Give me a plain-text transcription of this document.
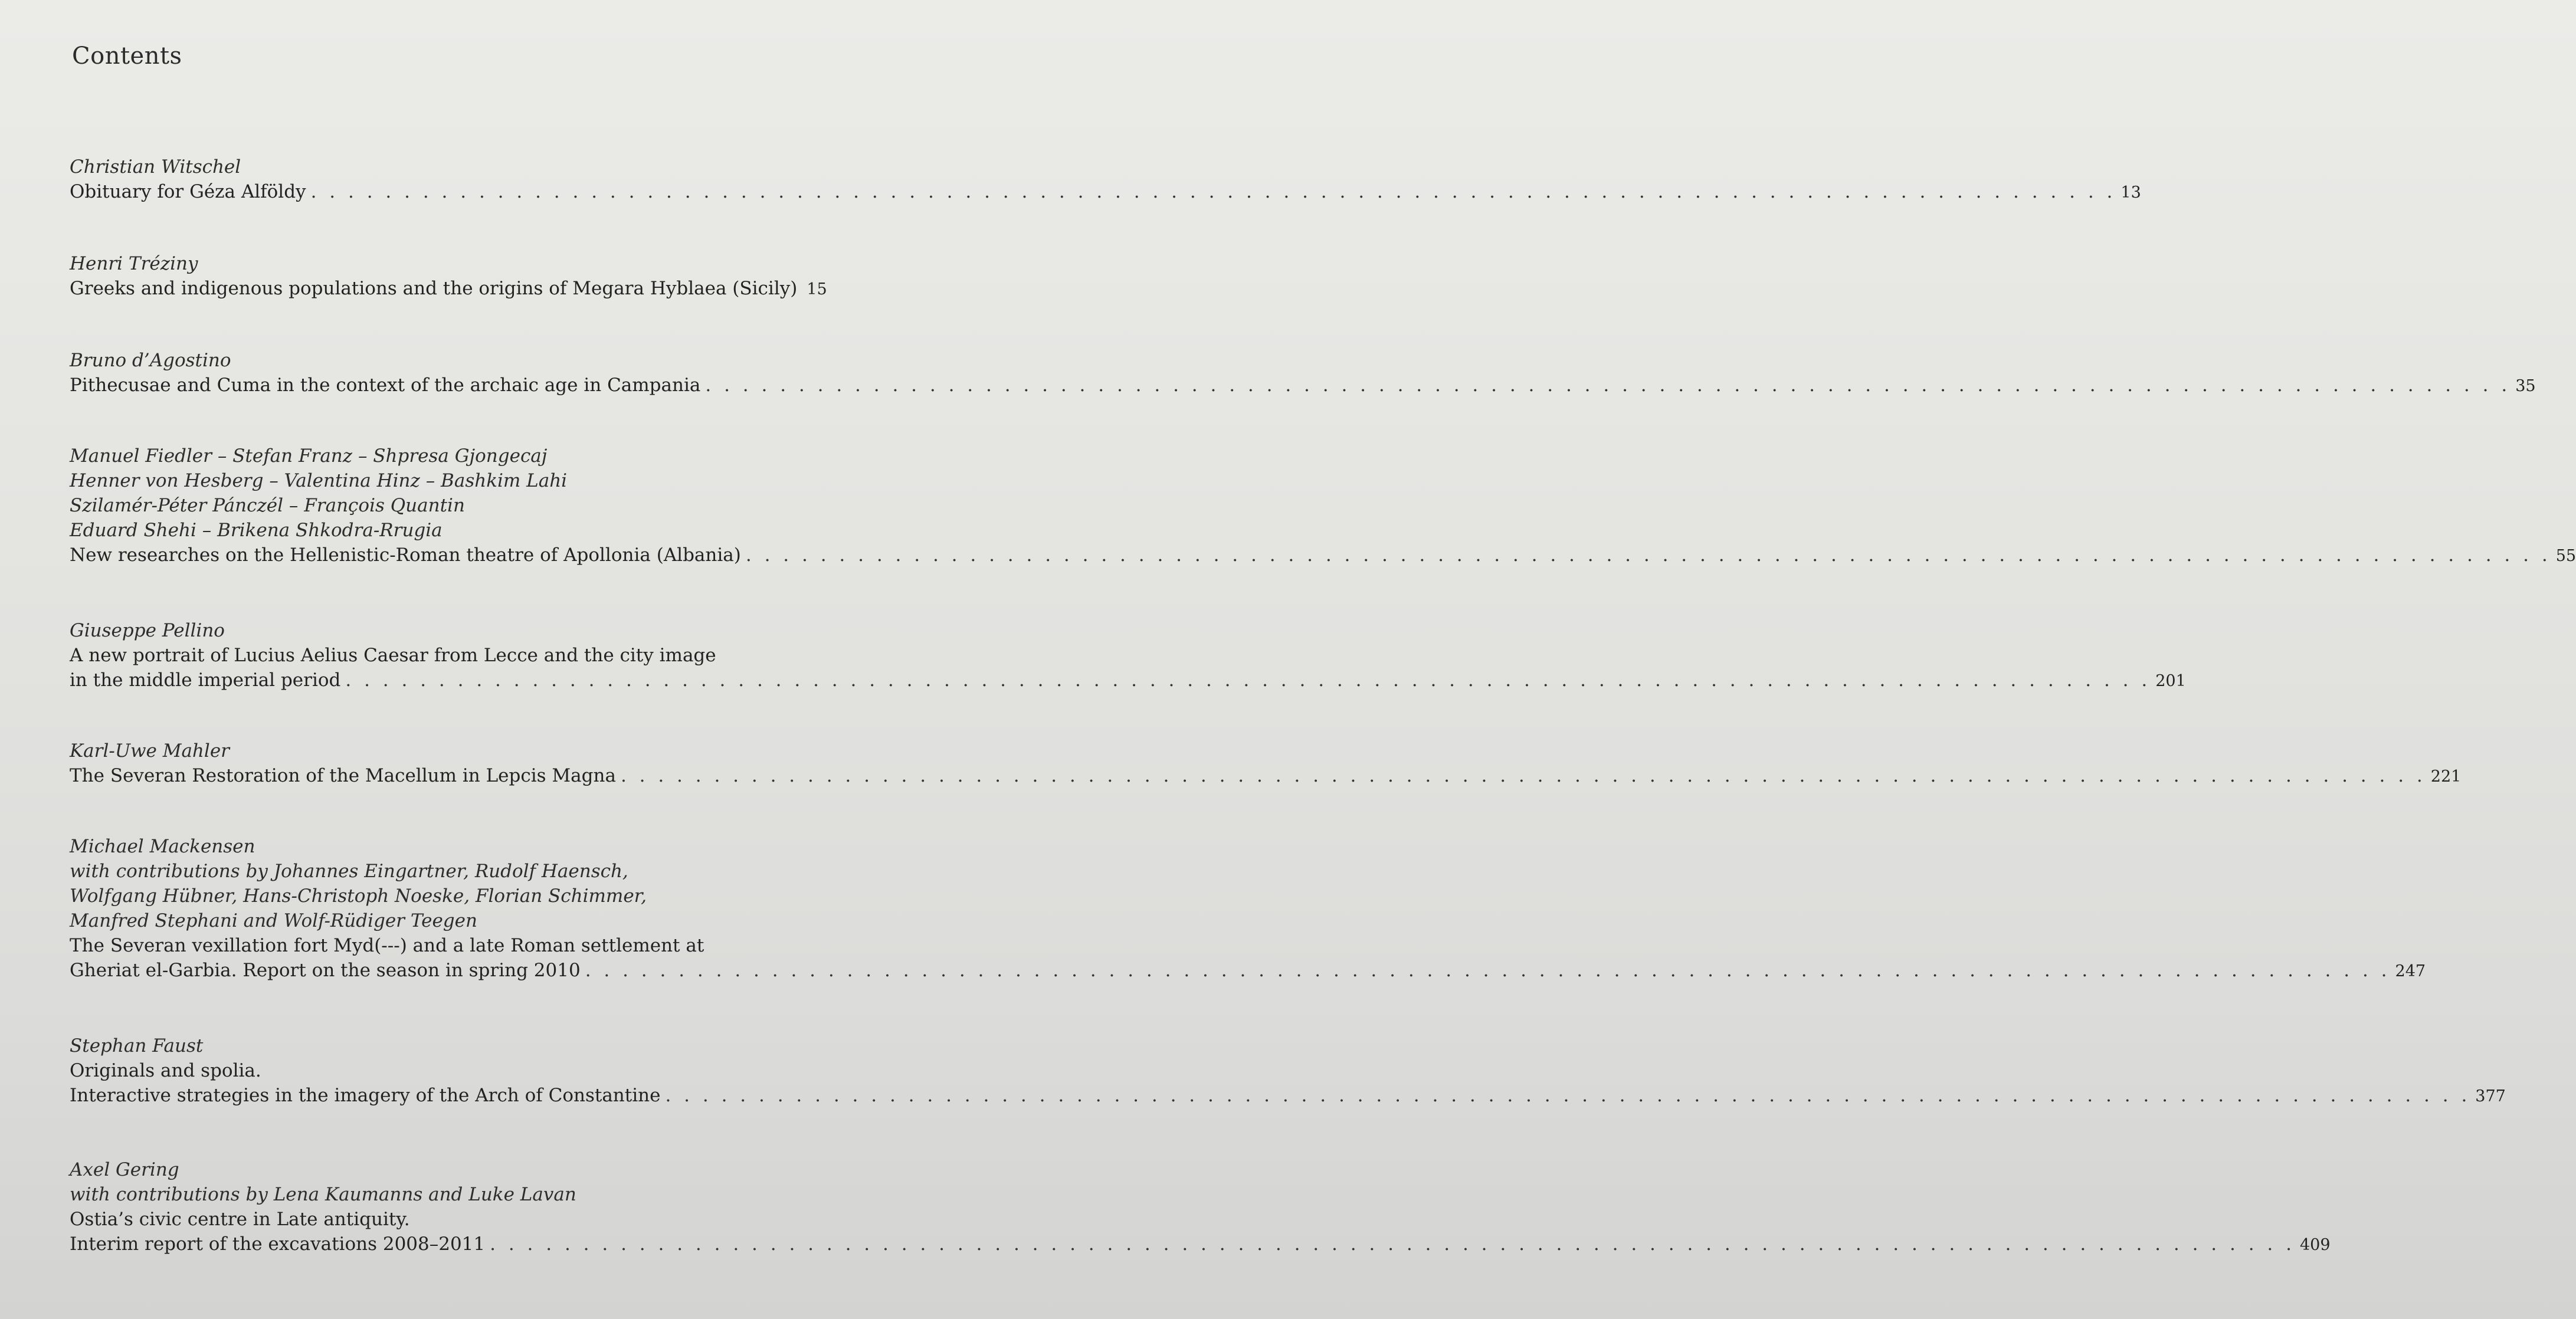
Contents
Christian Witschel
Obituary for Géza Alföldy . . . . . . . . . . . . . . . . . . . . . . . . . . . . . . . . . . . . . . . . . . . . . . . . . . . . . . . . . . . . . . . . . . . . . . . . . . . . . . . . . . . . . . . . . . . . . . . . . 13
Henri Tréziny
Greeks and indigenous populations and the origins of Megara Hyblaea (Sicily) 15
Bruno d’Agostino
Pithecusae and Cuma in the context of the archaic age in Campania . . . . . . . . . . . . . . . . . . . . . . . . . . . . . . . . . . . . . . . . . . . . . . . . . . . . . . . . . . . . . . . . . . . . . . . . . . . . . . . . . . . . . . . . . . . . . . . . . 35
Manuel Fiedler – Stefan Franz – Shpresa Gjongecaj
Henner von Hesberg – Valentina Hinz – Bashkim Lahi
Szilamér-Péter Pánczél – François Quantin
Eduard Shehi – Brikena Shkodra-Rrugia
New researches on the Hellenistic-Roman theatre of Apollonia (Albania) . . . . . . . . . . . . . . . . . . . . . . . . . . . . . . . . . . . . . . . . . . . . . . . . . . . . . . . . . . . . . . . . . . . . . . . . . . . . . . . . . . . . . . . . . . . . . . . . . 55
Giuseppe Pellino
A new portrait of Lucius Aelius Caesar from Lecce and the city image
in the middle imperial period . . . . . . . . . . . . . . . . . . . . . . . . . . . . . . . . . . . . . . . . . . . . . . . . . . . . . . . . . . . . . . . . . . . . . . . . . . . . . . . . . . . . . . . . . . . . . . . . . 201
Karl-Uwe Mahler
The Severan Restoration of the Macellum in Lepcis Magna . . . . . . . . . . . . . . . . . . . . . . . . . . . . . . . . . . . . . . . . . . . . . . . . . . . . . . . . . . . . . . . . . . . . . . . . . . . . . . . . . . . . . . . . . . . . . . . . . 221
Michael Mackensen
with contributions by Johannes Eingartner, Rudolf Haensch,
Wolfgang Hübner, Hans-Christoph Noeske, Florian Schimmer,
Manfred Stephani and Wolf-Rüdiger Teegen
The Severan vexillation fort Myd(---) and a late Roman settlement at
Gheriat el-Garbia. Report on the season in spring 2010 . . . . . . . . . . . . . . . . . . . . . . . . . . . . . . . . . . . . . . . . . . . . . . . . . . . . . . . . . . . . . . . . . . . . . . . . . . . . . . . . . . . . . . . . . . . . . . . . . 247
Stephan Faust
Originals and spolia.
Interactive strategies in the imagery of the Arch of Constantine . . . . . . . . . . . . . . . . . . . . . . . . . . . . . . . . . . . . . . . . . . . . . . . . . . . . . . . . . . . . . . . . . . . . . . . . . . . . . . . . . . . . . . . . . . . . . . . . . 377
Axel Gering
with contributions by Lena Kaumanns and Luke Lavan
Ostia’s civic centre in Late antiquity.
Interim report of the excavations 2008–2011 . . . . . . . . . . . . . . . . . . . . . . . . . . . . . . . . . . . . . . . . . . . . . . . . . . . . . . . . . . . . . . . . . . . . . . . . . . . . . . . . . . . . . . . . . . . . . . . . . 409
